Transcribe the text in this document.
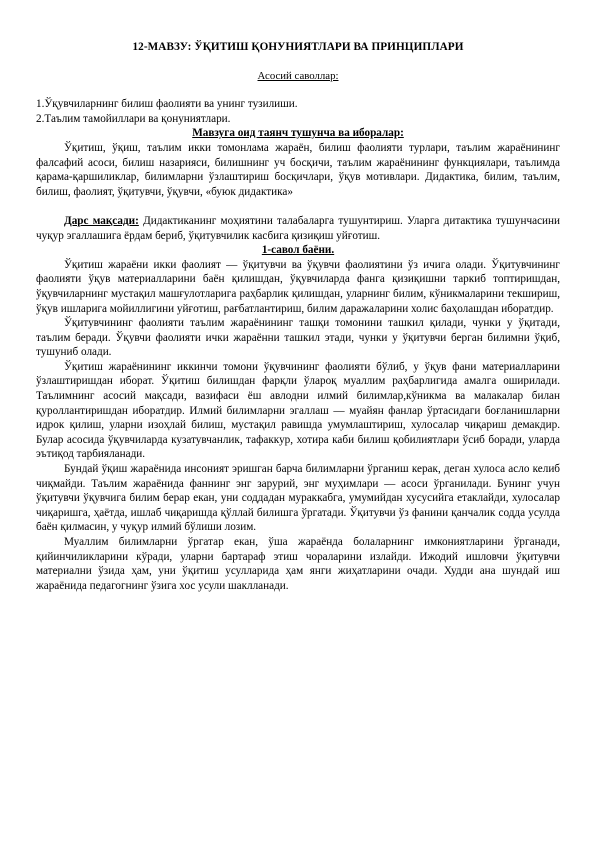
12-МАВЗУ: ЎҚИТИШ ҚОНУНИЯТЛАРИ ВА ПРИНЦИПЛАРИ
Асосий саволлар:
1.Ўқувчиларнинг билиш фаолияти ва унинг тузилиши.
2.Таълим тамойиллари ва қонуниятлари.
Мавзуга оид таянч тушунча ва иборалар:

Ўқитиш, ўқиш, таълим икки томонлама жараён, билиш фаолияти турлари, таълим жараёнининг фалсафий асоси, билиш назарияси, билишнинг уч босқичи, таълим жараёнининг функциялари, таълимда қарама-қаршиликлар, билимларни ўзлаштириш босқичлари, ўқув мотивлари. Дидактика, билим, таълим, билиш, фаолият, ўқитувчи, ўқувчи, «буюк дидактика»

Дарс мақсади: Дидактиканинг моҳиятини талабаларга тушунтириш. Уларга дитактика тушунчасини чуқур эгаллашига ёрдам бериб, ўқитувчилик касбига қизиқиш уйғотиш.

1-савол баёни.

Ўқитиш жараёни икки фаолият — ўқитувчи ва ўқувчи фаолиятини ўз ичига олади. Ўқитувчининг фаолияти ўқув материалларини баён қилишдан, ўқувчиларда фанга қизиқишни таркиб топтиришдан, ўқувчиларнинг мустақил машғулотларига раҳбарлик қилишдан, уларнинг билим, кўникмаларини текшириш, ўқув ишларига мойиллигини уйғотиш, рағбатлантириш, билим даражаларини холис баҳолашдан иборатдир.

Ўқитувчининг фаолияти таълим жараёнининг ташқи томонини ташкил қилади, чунки у ўқитади, таълим беради. Ўқувчи фаолияти ички жараённи ташкил этади, чунки у ўқитувчи берган билимни ўқиб, тушуниб олади.

Ўқитиш жараёнининг иккинчи томони ўқувчининг фаолияти бўлиб, у ўқув фани материалларини ўзлаштиришдан иборат. Ўқитиш билишдан фарқли ўлароқ муаллим раҳбарлигида амалга оширилади. Таълимнинг асосий мақсади, вазифаси ёш авлодни илмий билимлар,кўникма ва малакалар билан қуроллантиришдан иборатдир. Илмий билимларни эгаллаш — муайян фанлар ўртасидаги боғланишларни идрок қилиш, уларни изоҳлай билиш, мустақил равишда умумлаштириш, хулосалар чиқариш демакдир. Булар асосида ўқувчиларда кузатувчанлик, тафаккур, хотира каби билиш қобилиятлари ўсиб боради, уларда эътиқод тарбияланади.

Бундай ўқиш жараёнида инсоният эришган барча билимларни ўрганиш керак, деган хулоса асло келиб чиқмайди. Таълим жараёнида фаннинг энг зарурий, энг муҳимлари — асоси ўрганилади. Бунинг учун ўқитувчи ўқувчига билим берар екан, уни соддадан мураккабга, умумийдан хусусийга етаклайди, хулосалар чиқаришга, ҳаётда, ишлаб чиқаришда қўллай билишга ўргатади. Ўқитувчи ўз фанини қанчалик содда усулда баён қилмасин, у чуқур илмий бўлиши лозим.

Муаллим билимларни ўргатар екан, ўша жараёнда болаларнинг имкониятларини ўрганади, қийинчиликларини кўради, уларни бартараф этиш чораларини излайди. Ижодий ишловчи ўқитувчи материални ўзида ҳам, уни ўқитиш усулларида ҳам янги жиҳатларини очади. Худди ана шундай иш жараёнида педагогнинг ўзига хос усули шаклланади.
